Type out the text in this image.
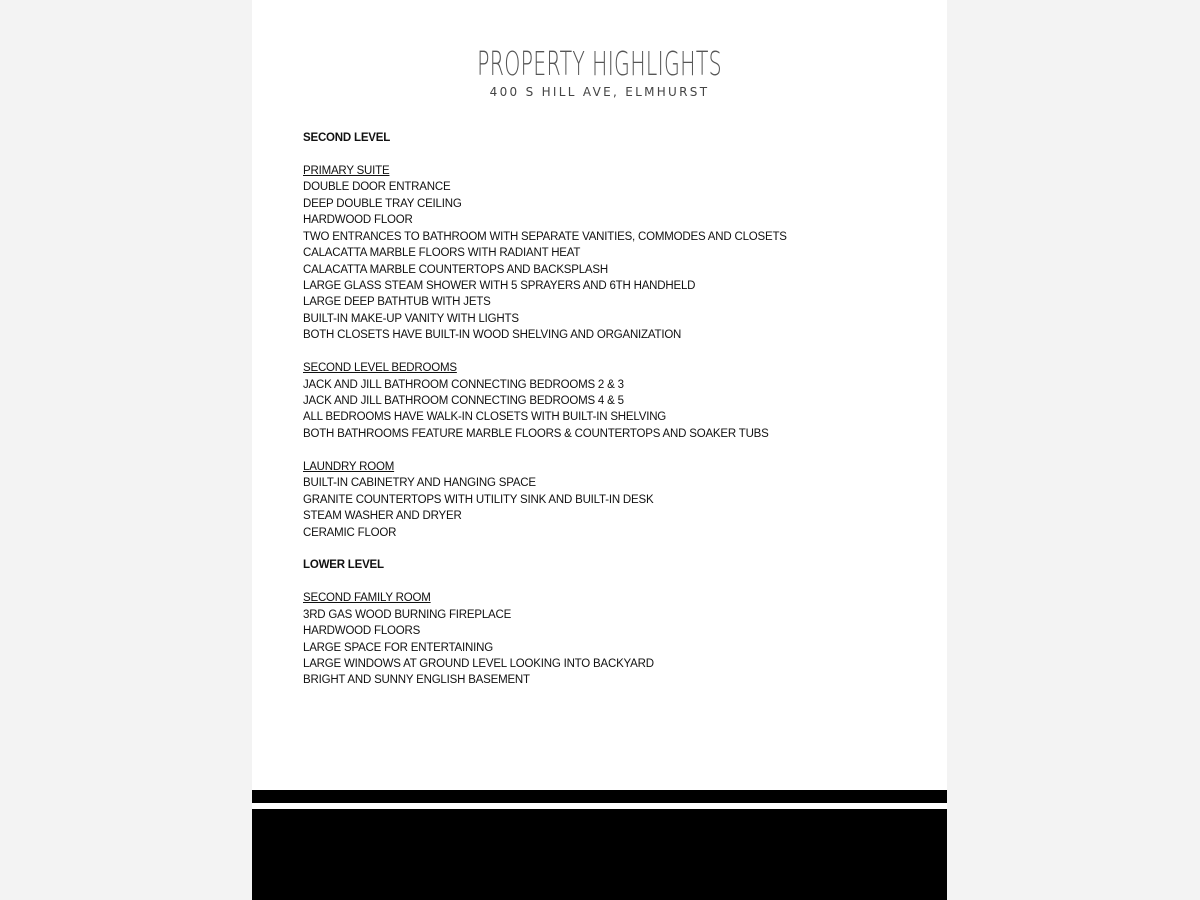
PROPERTY HIGHLIGHTS
400 S HILL AVE, ELMHURST
SECOND LEVEL
PRIMARY SUITE
DOUBLE DOOR ENTRANCE
DEEP DOUBLE TRAY CEILING
HARDWOOD FLOOR
TWO ENTRANCES TO BATHROOM WITH SEPARATE VANITIES, COMMODES AND CLOSETS
CALACATTA MARBLE FLOORS WITH RADIANT HEAT
CALACATTA MARBLE COUNTERTOPS AND BACKSPLASH
LARGE GLASS STEAM SHOWER WITH 5 SPRAYERS AND 6TH HANDHELD
LARGE DEEP BATHTUB WITH JETS
BUILT-IN MAKE-UP VANITY WITH LIGHTS
BOTH CLOSETS HAVE BUILT-IN WOOD SHELVING AND ORGANIZATION
SECOND LEVEL BEDROOMS
JACK AND JILL BATHROOM CONNECTING BEDROOMS 2 & 3
JACK AND JILL BATHROOM CONNECTING BEDROOMS 4 & 5
ALL BEDROOMS HAVE WALK-IN CLOSETS WITH BUILT-IN SHELVING
BOTH BATHROOMS FEATURE MARBLE FLOORS & COUNTERTOPS AND SOAKER TUBS
LAUNDRY ROOM
BUILT-IN CABINETRY AND HANGING SPACE
GRANITE COUNTERTOPS WITH UTILITY SINK AND BUILT-IN DESK
STEAM WASHER AND DRYER
CERAMIC FLOOR
LOWER LEVEL
SECOND FAMILY ROOM
3RD GAS WOOD BURNING FIREPLACE
HARDWOOD FLOORS
LARGE SPACE FOR ENTERTAINING
LARGE WINDOWS AT GROUND LEVEL LOOKING INTO BACKYARD
BRIGHT AND SUNNY ENGLISH BASEMENT
